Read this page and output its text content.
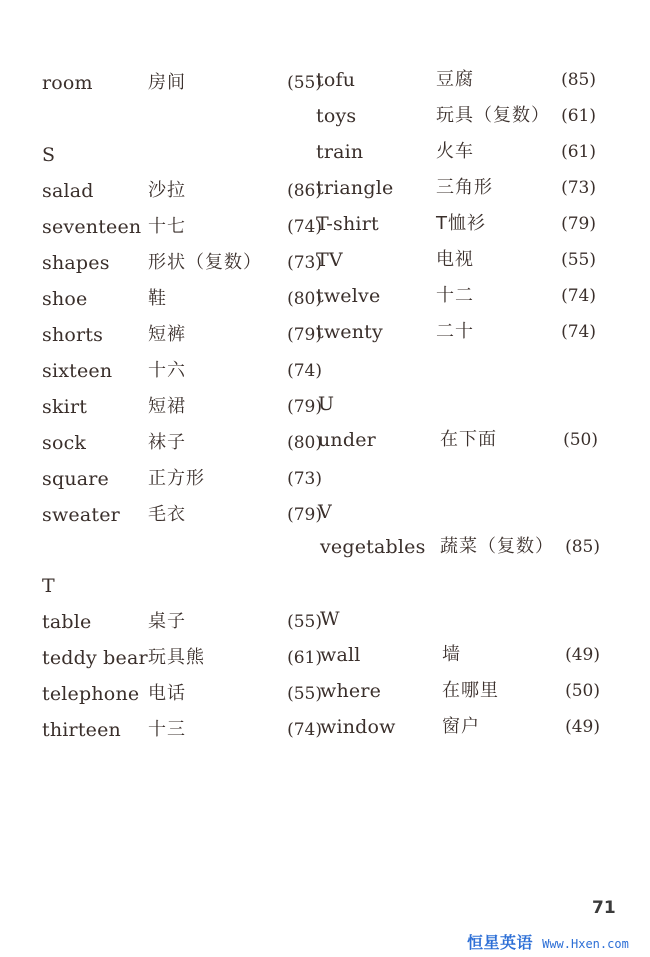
room	房间	(55)
S
salad	沙拉	(86)
seventeen 十七	(74)
shapes 形状（复数） (73)
shoe	鞋	(80)
shorts 短裤	(79)
sixteen 十六	(74)
skirt	短裙	(79)
sock	袜子	(80)
square 正方形	(73)
sweater 毛衣	(79)
T
table	桌子	(55)
teddy bear 玩具熊	(61)
telephone 电话	(55)
thirteen 十三	(74)
tofu	豆腐	(85)
toys	玩具（复数） (61)
train	火车	(61)
triangle 三角形	(73)
T-shirt	T恤衫	(79)
TV	电视	(55)
twelve	十二	(74)
twenty	二十	(74)
U
under	在下面	(50)
V
vegetables 蔬菜（复数） (85)
W
wall	墙	(49)
where	在哪里	(50)
window	窗户	(49)
71
恒星英语 Www.Hxen.com
